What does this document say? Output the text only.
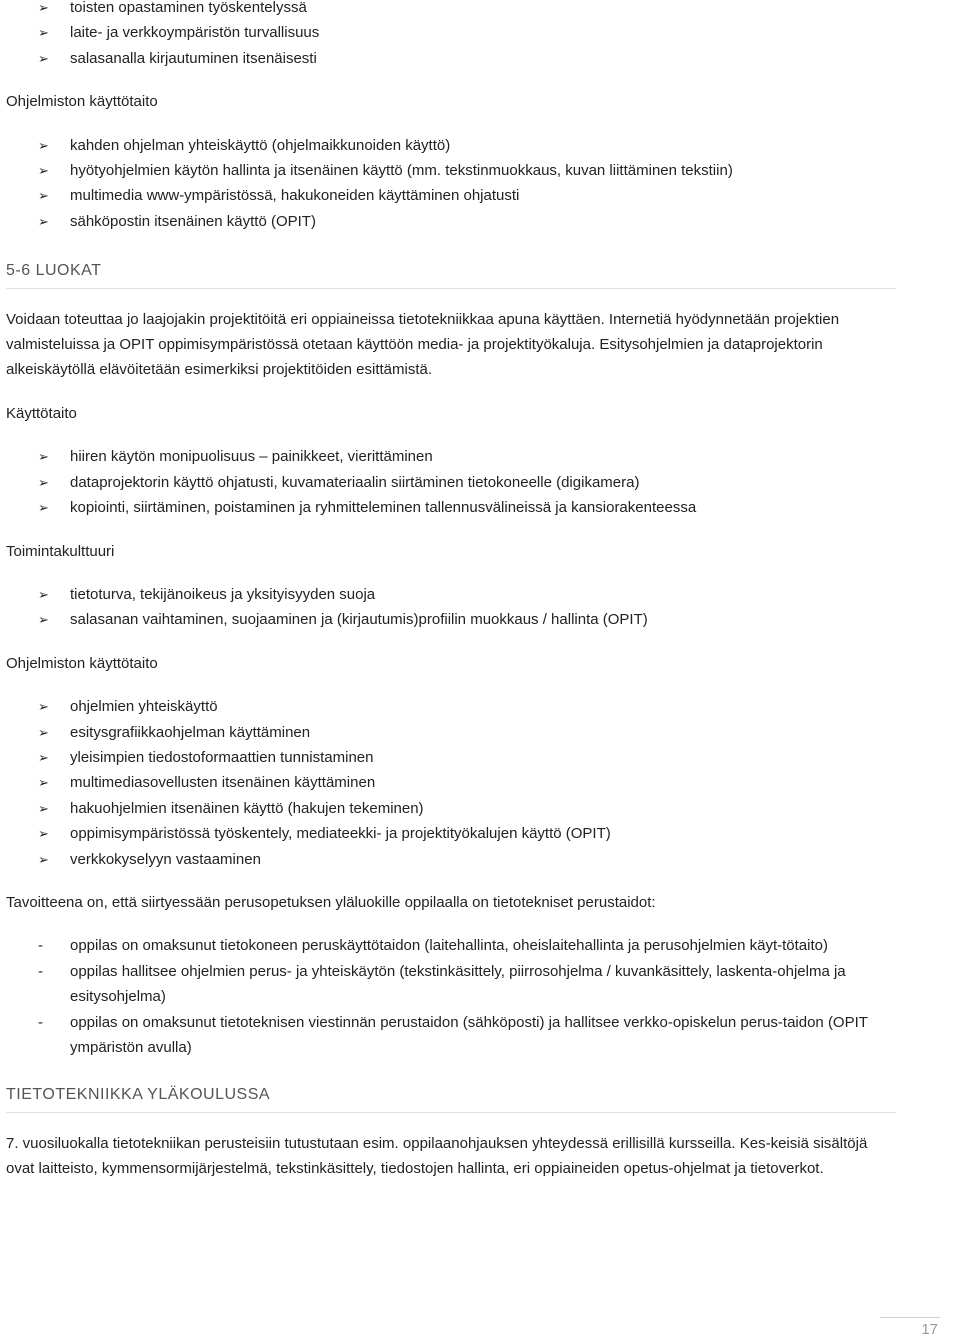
➢ toisten opastaminen työskentelyssä
➢ laite- ja verkkoympäristön turvallisuus
➢ salasanalla kirjautuminen itsenäisesti

Ohjelmiston käyttötaito

➢ kahden ohjelman yhteiskäyttö (ohjelmaikkunoiden käyttö)
➢ hyötyohjelmien käytön hallinta ja itsenäinen käyttö (mm. tekstinmuokkaus, kuvan liittäminen tekstiin)
➢ multimedia www-ympäristössä, hakukoneiden käyttäminen ohjatusti
➢ sähköpostin itsenäinen käyttö (OPIT)
5-6 LUOKAT

Voidaan toteuttaa jo laajojakin projektitöitä eri oppiaineissa tietotekniikkaa apuna käyttäen. Internetiä hyödynnetään projektien valmisteluissa ja OPIT oppimisympäristössä otetaan käyttöön media- ja projektityökaluja. Esitysohjelmien ja dataprojektorin alkeiskäytöllä elävöitetään esimerkiksi projektitöiden esittämistä.

Käyttötaito

➢ hiiren käytön monipuolisuus – painikkeet, vierittäminen
➢ dataprojektorin käyttö ohjatusti, kuvamateriaalin siirtäminen tietokoneelle (digikamera)
➢ kopiointi, siirtäminen, poistaminen ja ryhmitteleminen tallennusvälineissä ja kansiorakenteessa

Toimintakulttuuri

➢ tietoturva, tekijänoikeus ja yksityisyyden suoja
➢ salasanan vaihtaminen, suojaaminen ja (kirjautumis)profiilin muokkaus / hallinta (OPIT)

Ohjelmiston käyttötaito

➢ ohjelmien yhteiskäyttö
➢ esitysgrafiikkaohjelman käyttäminen
➢ yleisimpien tiedostoformaattien tunnistaminen
➢ multimediasovellusten itsenäinen käyttäminen
➢ hakuohjelmien itsenäinen käyttö (hakujen tekeminen)
➢ oppimisympäristössä työskentely, mediateekki- ja projektityökalujen käyttö (OPIT)
➢ verkkokyselyyn vastaaminen

Tavoitteena on, että siirtyessään perusopetuksen yläluokille oppilaalla on tietotekniset perustaidot:

- oppilas on omaksunut tietokoneen peruskäyttötaidon (laitehallinta, oheislaitehallinta ja perusohjelmien käyt-tötaito)
- oppilas hallitsee ohjelmien perus- ja yhteiskäytön (tekstinkäsittely, piirrosohjelma / kuvankäsittely, laskenta-ohjelma ja esitysohjelma)
- oppilas on omaksunut tietoteknisen viestinnän perustaidon (sähköposti) ja hallitsee verkko-opiskelun perus-taidon (OPIT ympäristön avulla)
TIETOTEKNIIKKA YLÄKOULUSSA

7. vuosiluokalla tietotekniikan perusteisiin tutustutaan esim. oppilaanohjauksen yhteydessä erillisillä kursseilla. Kes-keisiä sisältöjä ovat laitteisto, kymmensormijärjestelmä, tekstinkäsittely, tiedostojen hallinta, eri oppiaineiden opetus-ohjelmat ja tietoverkot.

17
